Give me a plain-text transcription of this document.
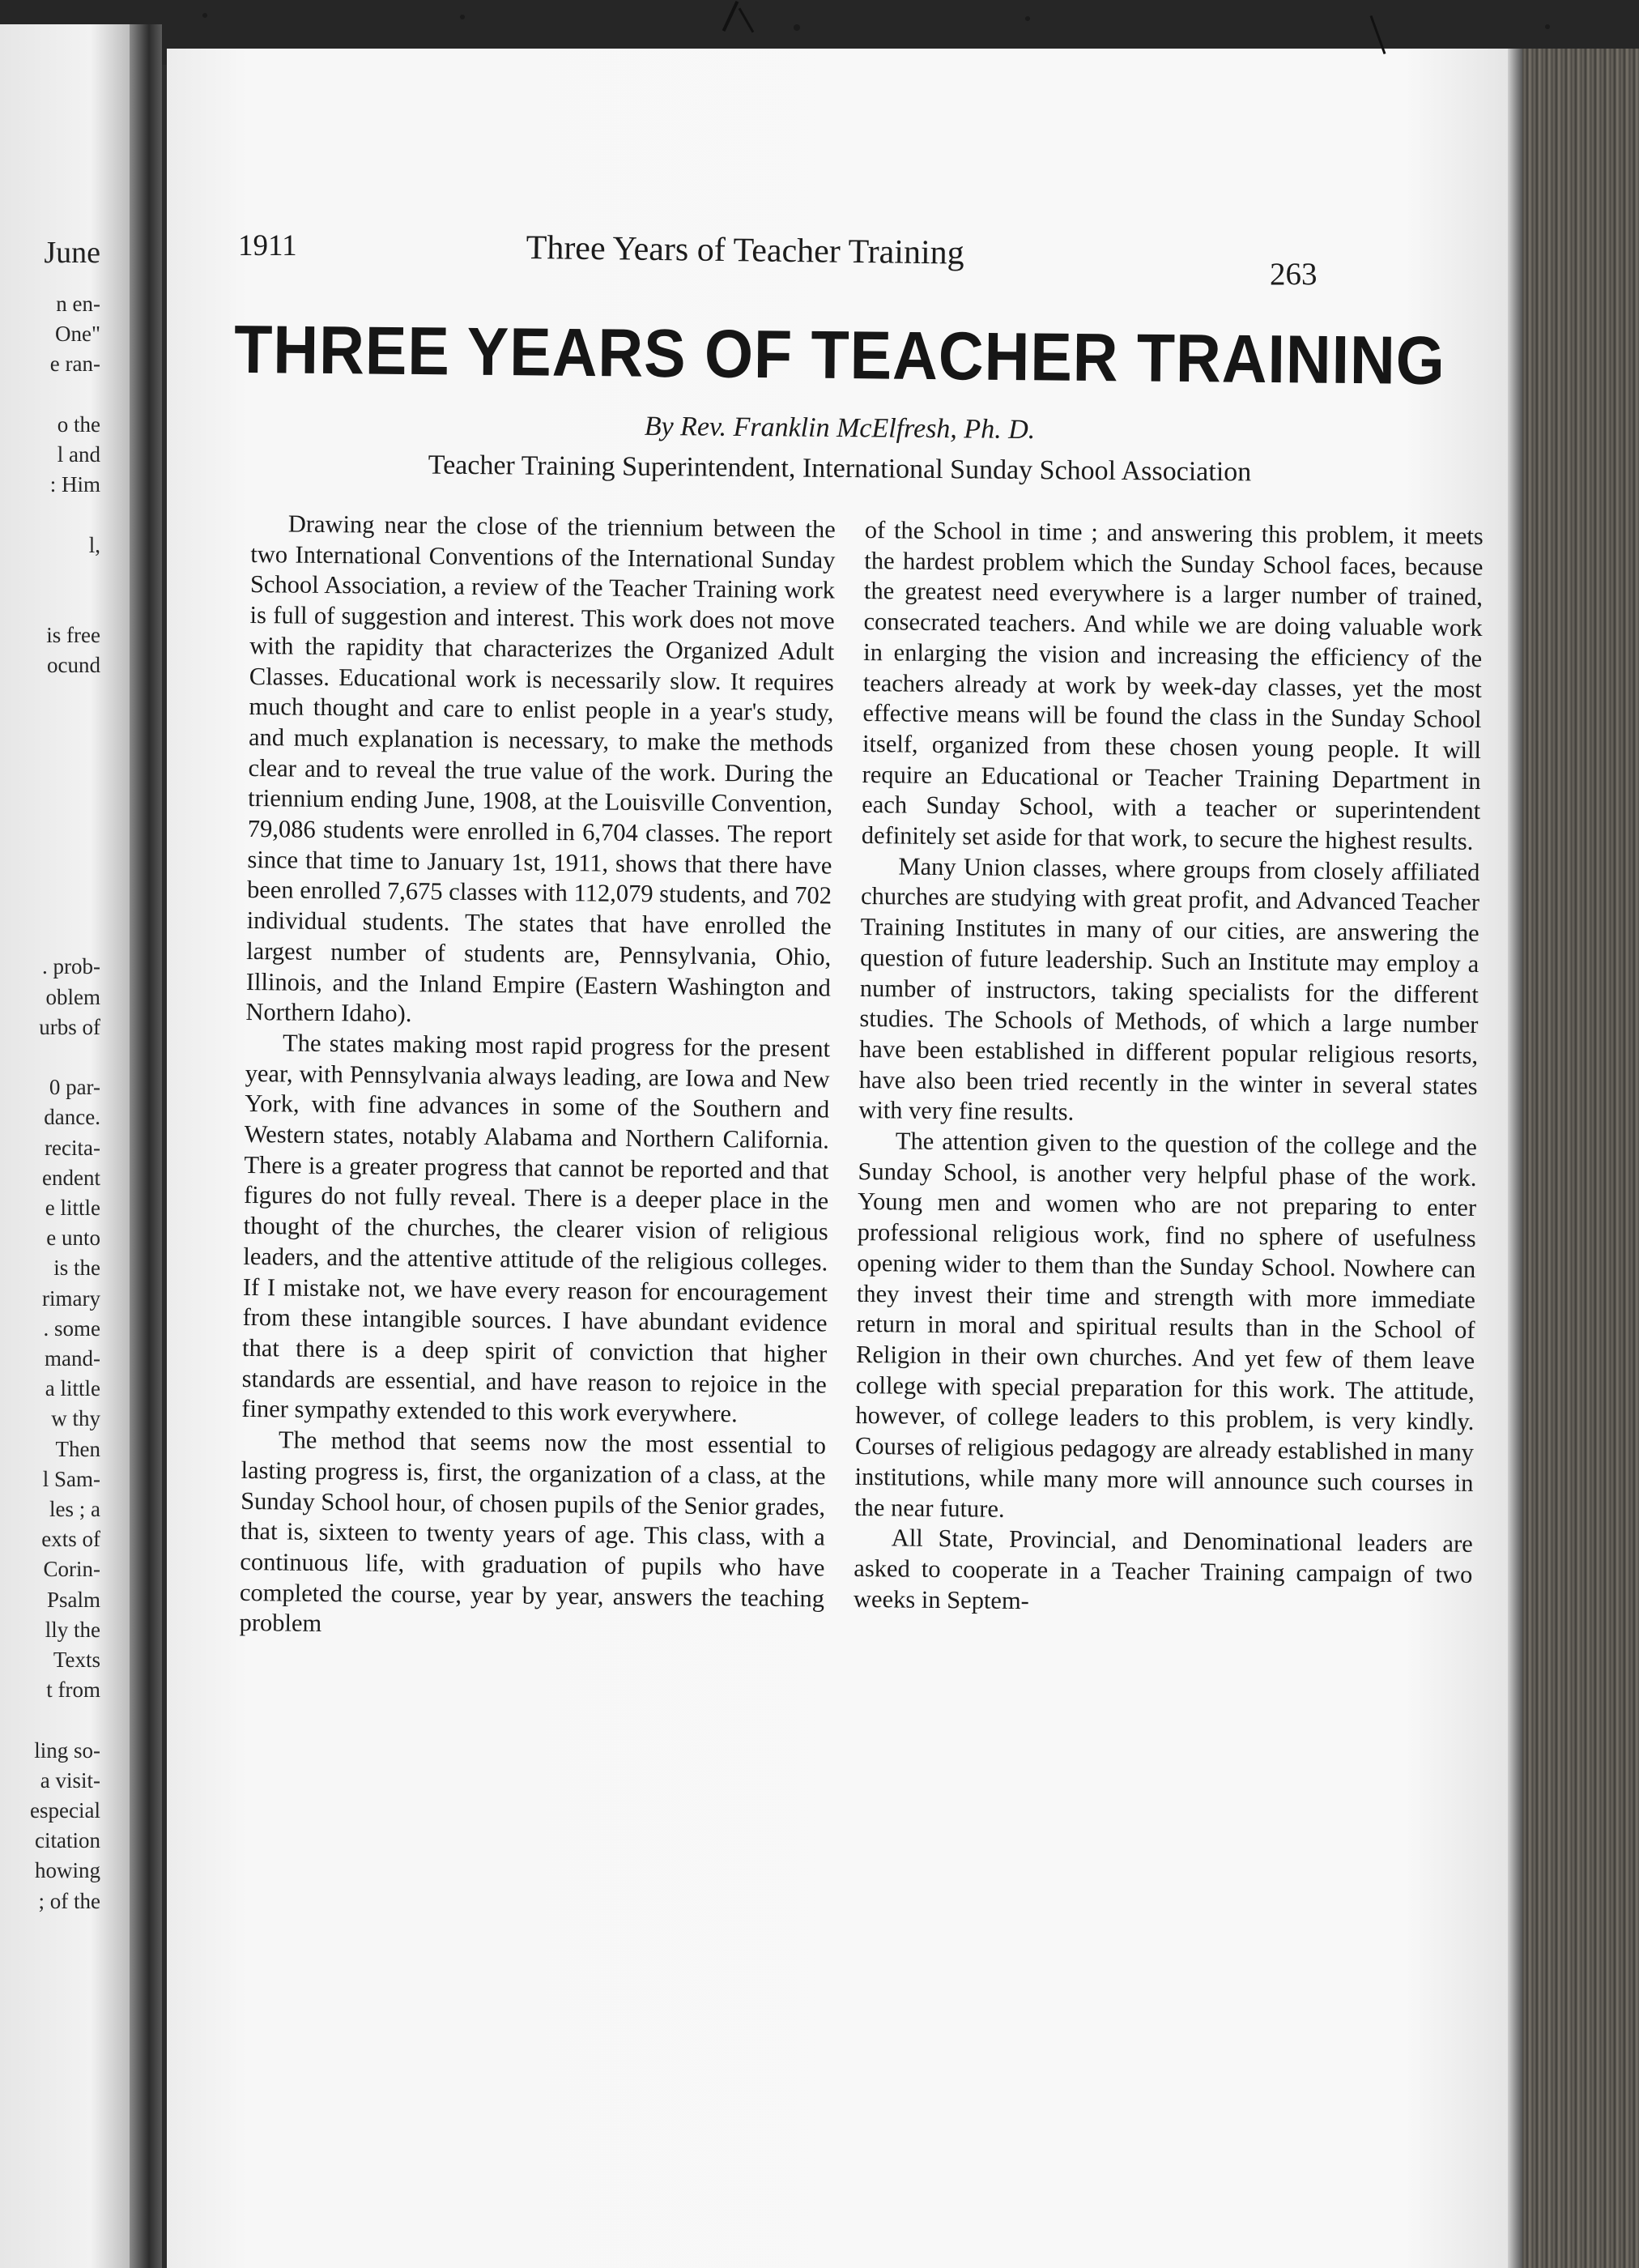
June
n en-
One"
e ran-
o the
l and
: Him
l,
is free
ocund
. prob-
oblem
urbs of
0 par-
dance.
recita-
endent
e little
e unto
is the
rimary
. some
mand-
a little
w thy
Then
l Sam-
les ; a
exts of
Corin-
Psalm
lly the
Texts
t from
ling so-
a visit-
especial
citation
howing
; of the
1911	Three Years of Teacher Training
263
THREE YEARS OF TEACHER TRAINING
By Rev. Franklin McElfresh, Ph. D.
Teacher Training Superintendent, International Sunday School Association

Drawing near the close of the triennium between the two International Conventions of the International Sunday School Association, a review of the Teacher Training work is full of suggestion and interest. This work does not move with the rapidity that characterizes the Organized Adult Classes. Educational work is necessarily slow. It requires much thought and care to enlist people in a year's study, and much explanation is necessary, to make the methods clear and to reveal the true value of the work. During the triennium ending June, 1908, at the Louisville Convention, 79,086 students were enrolled in 6,704 classes. The report since that time to January 1st, 1911, shows that there have been enrolled 7,675 classes with 112,079 students, and 702 individual students. The states that have enrolled the largest number of students are, Pennsylvania, Ohio, Illinois, and the Inland Empire (Eastern Washington and Northern Idaho).

The states making most rapid progress for the present year, with Pennsylvania always leading, are Iowa and New York, with fine advances in some of the Southern and Western states, notably Alabama and Northern California. There is a greater progress that cannot be reported and that figures do not fully reveal. There is a deeper place in the thought of the churches, the clearer vision of religious leaders, and the attentive attitude of the religious colleges. If I mistake not, we have every reason for encouragement from these intangible sources. I have abundant evidence that there is a deep spirit of conviction that higher standards are essential, and have reason to rejoice in the finer sympathy extended to this work everywhere.

The method that seems now the most essential to lasting progress is, first, the organization of a class, at the Sunday School hour, of chosen pupils of the Senior grades, that is, sixteen to twenty years of age. This class, with a continuous life, with graduation of pupils who have completed the course, year by year, answers the teaching problem

of the School in time ; and answering this problem, it meets the hardest problem which the Sunday School faces, because the greatest need everywhere is a larger number of trained, consecrated teachers. And while we are doing valuable work in enlarging the vision and increasing the efficiency of the teachers already at work by week-day classes, yet the most effective means will be found the class in the Sunday School itself, organized from these chosen young people. It will require an Educational or Teacher Training Department in each Sunday School, with a teacher or superintendent definitely set aside for that work, to secure the highest results.

Many Union classes, where groups from closely affiliated churches are studying with great profit, and Advanced Teacher Training Institutes in many of our cities, are answering the question of future leadership. Such an Institute may employ a number of instructors, taking specialists for the different studies. The Schools of Methods, of which a large number have been established in different popular religious resorts, have also been tried recently in the winter in several states with very fine results.

The attention given to the question of the college and the Sunday School, is another very helpful phase of the work. Young men and women who are not preparing to enter professional religious work, find no sphere of usefulness opening wider to them than the Sunday School. Nowhere can they invest their time and strength with more immediate return in moral and spiritual results than in the School of Religion in their own churches. And yet few of them leave college with special preparation for this work. The attitude, however, of college leaders to this problem, is very kindly. Courses of religious pedagogy are already established in many institutions, while many more will announce such courses in the near future.

All State, Provincial, and Denominational leaders are asked to cooperate in a Teacher Training campaign of two weeks in Septem-
